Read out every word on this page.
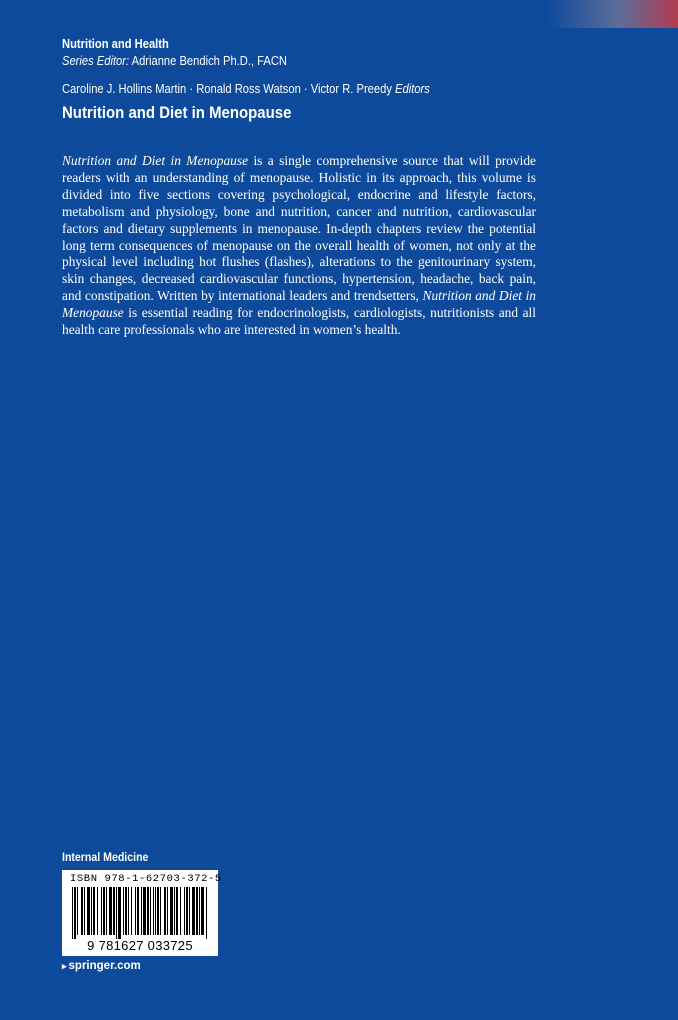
Nutrition and Health
Series Editor: Adrianne Bendich Ph.D., FACN
Caroline J. Hollins Martin · Ronald Ross Watson · Victor R. Preedy Editors
Nutrition and Diet in Menopause
Nutrition and Diet in Menopause is a single comprehensive source that will provide readers with an understanding of menopause. Holistic in its approach, this volume is divided into five sections covering psychological, endocrine and lifestyle factors, metabolism and physiology, bone and nutrition, cancer and nutrition, cardiovascular factors and dietary supplements in menopause. In-depth chapters review the potential long term consequences of menopause on the overall health of women, not only at the physical level including hot flushes (flashes), alterations to the genitourinary system, skin changes, decreased cardiovascular functions, hypertension, headache, back pain, and constipation. Written by international leaders and trendsetters, Nutrition and Diet in Menopause is essential reading for endocrinologists, cardiologists, nutritionists and all health care professionals who are interested in women’s health.
Internal Medicine
ISBN 978-1-62703-372-5
9 781627 033725
▸ springer.com
